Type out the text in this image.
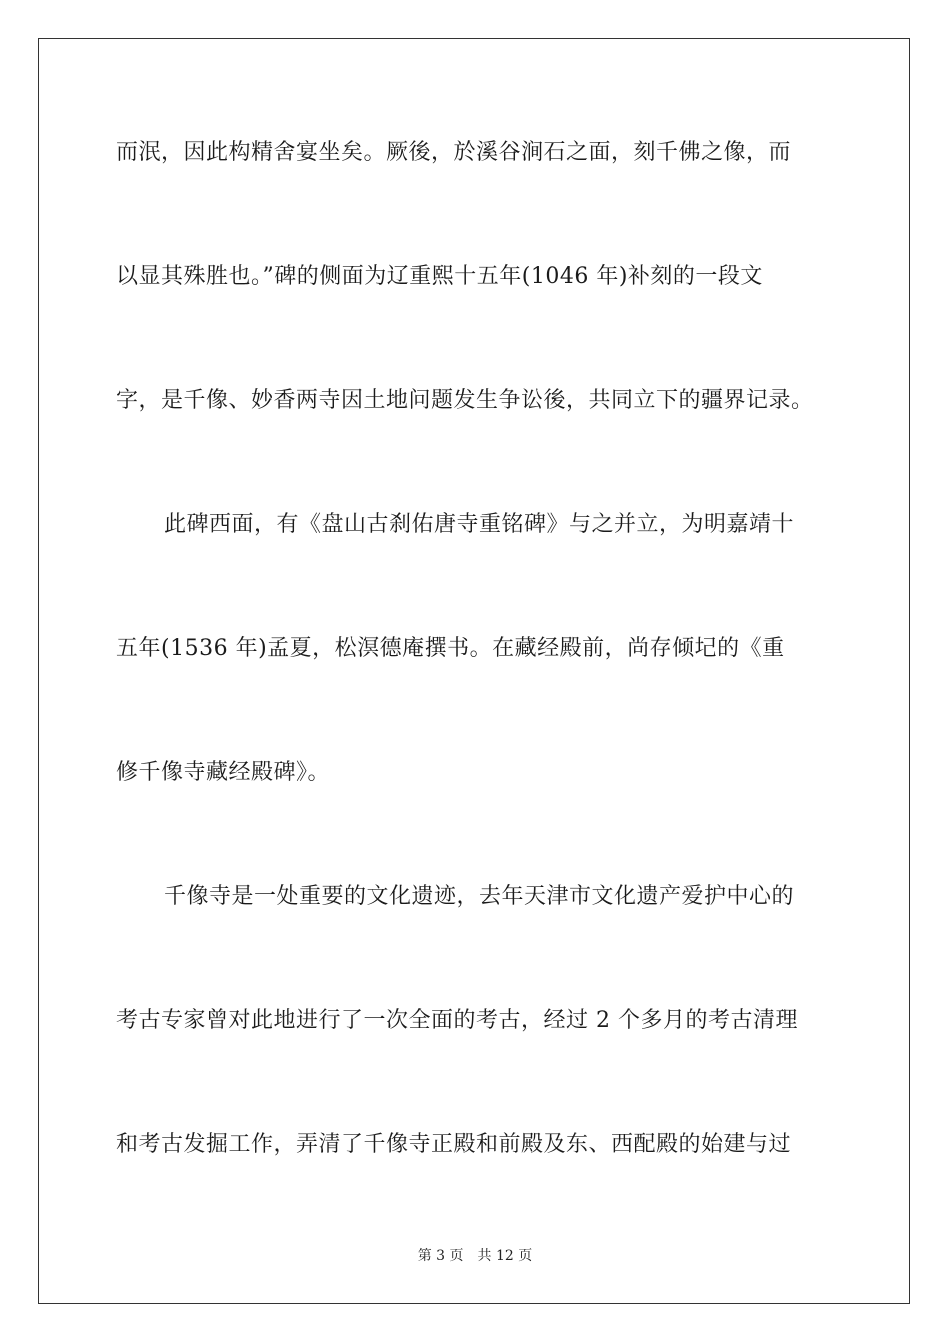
而泯，因此构精舍宴坐矣。厥後，於溪谷涧石之面，刻千佛之像，而
以显其殊胜也。”碑的侧面为辽重熙十五年(1046 年)补刻的一段文
字，是千像、妙香两寺因土地问题发生争讼後，共同立下的疆界记录。
此碑西面，有《盘山古刹佑唐寺重铭碑》与之并立，为明嘉靖十
五年(1536 年)孟夏，松溟德庵撰书。在藏经殿前，尚存倾圮的《重
修千像寺藏经殿碑》。
千像寺是一处重要的文化遗迹，去年天津市文化遗产爱护中心的
考古专家曾对此地进行了一次全面的考古，经过 2 个多月的考古清理
和考古发掘工作，弄清了千像寺正殿和前殿及东、西配殿的始建与过
第 3 页 共 12 页
